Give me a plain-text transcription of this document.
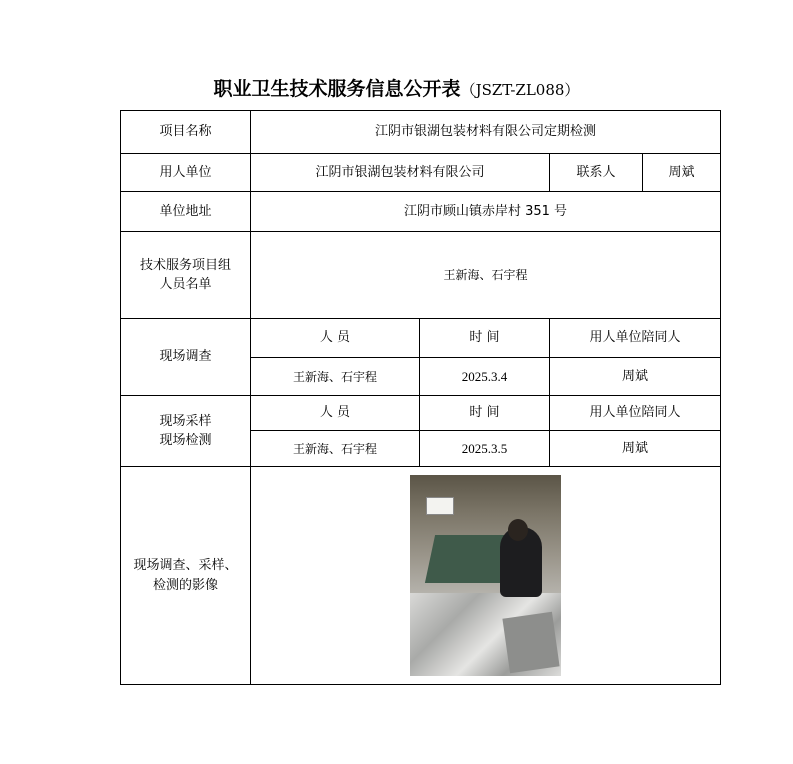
职业卫生技术服务信息公开表（JSZT-ZL088）
项目名称	江阴市银湖包装材料有限公司定期检测			
用人单位	江阴市银湖包装材料有限公司		联系人	周斌
单位地址	江阴市顾山镇赤岸村 351 号			

技术服务项目组
人员名单	王新海、石宇程			
现场调查	人 员	时 间	用人单位陪同人	
	王新海、石宇程	2025.3.4	周斌	

现场采样
现场检测	人 员	时 间	用人单位陪同人	
	王新海、石宇程	2025.3.5	周斌	

现场调查、采样、
检测的影像				
